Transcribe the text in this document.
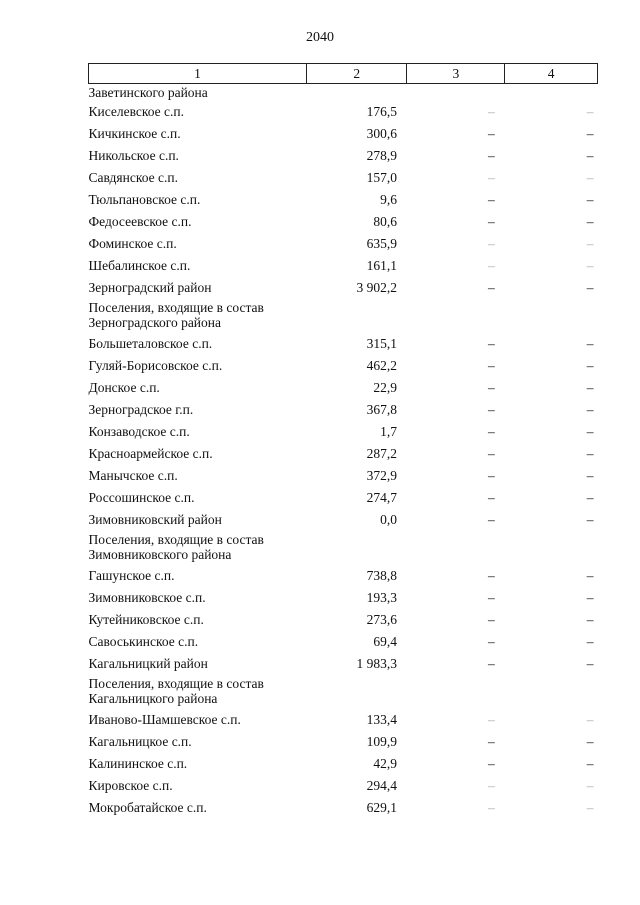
2040
1	2	3	4
Заветинского района			
Киселевское с.п.	176,5	–	–
Кичкинское с.п.	300,6	–	–
Никольское с.п.	278,9	–	–
Савдянское с.п.	157,0	–	–
Тюльпановское с.п.	9,6	–	–
Федосеевское с.п.	80,6	–	–
Фоминское с.п.	635,9	–	–
Шебалинское с.п.	161,1	–	–
Зерноградский район	3 902,2	–	–
Поселения, входящие в состав Зерноградского района			
Большеталовское с.п.	315,1	–	–
Гуляй-Борисовское с.п.	462,2	–	–
Донское с.п.	22,9	–	–
Зерноградское г.п.	367,8	–	–
Конзаводское с.п.	1,7	–	–
Красноармейское с.п.	287,2	–	–
Манычское с.п.	372,9	–	–
Россошинское с.п.	274,7	–	–
Зимовниковский район	0,0	–	–
Поселения, входящие в состав Зимовниковского района			
Гашунское с.п.	738,8	–	–
Зимовниковское с.п.	193,3	–	–
Кутейниковское с.п.	273,6	–	–
Савоськинское с.п.	69,4	–	–
Кагальницкий район	1 983,3	–	–
Поселения, входящие в состав Кагальницкого района			
Иваново-Шамшевское с.п.	133,4	–	–
Кагальницкое с.п.	109,9	–	–
Калининское с.п.	42,9	–	–
Кировское с.п.	294,4	–	–
Мокробатайское с.п.	629,1	–	–
